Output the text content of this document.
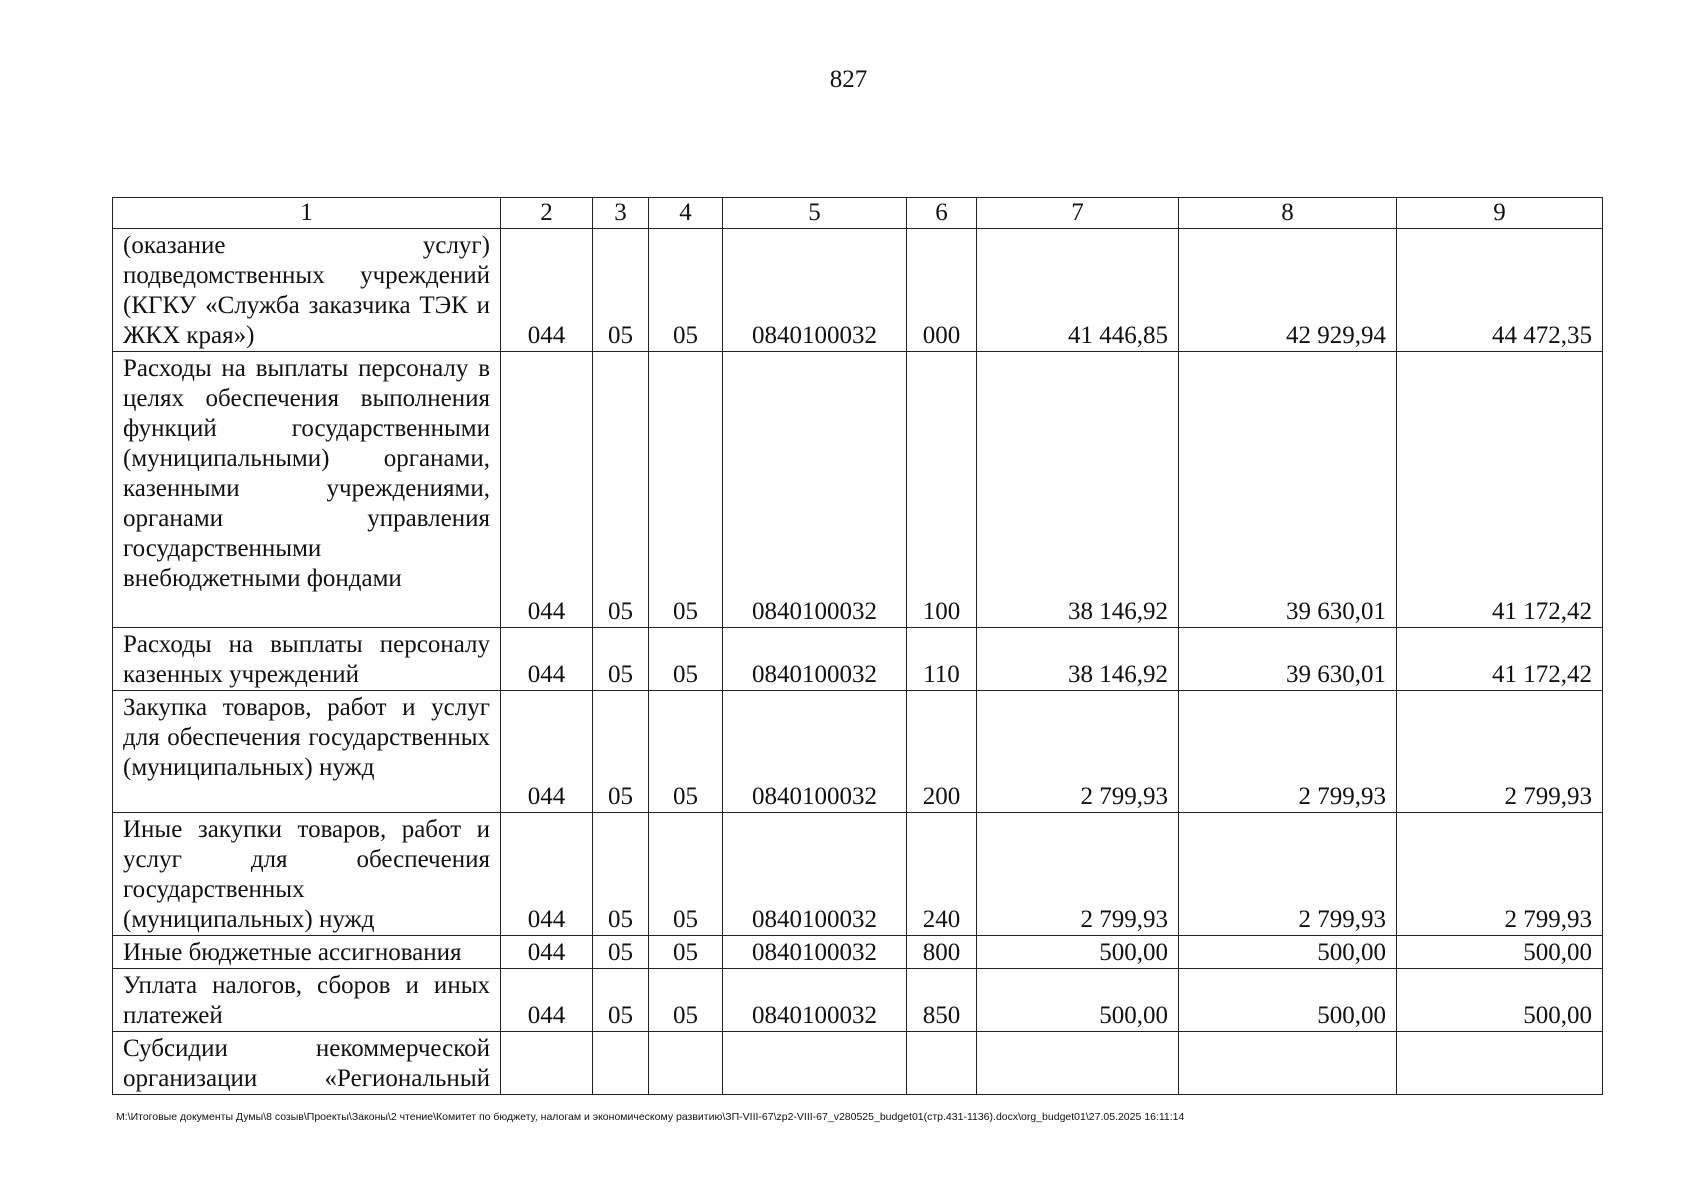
827
1	2	3	4	5	6	7	8	9
(оказание услуг) подведомственных учреждений (КГКУ «Служба заказчика ТЭК и ЖКХ края»)	044	05	05	0840100032	000	41 446,85	42 929,94	44 472,35
Расходы на выплаты персоналу в целях обеспечения выполнения функций государственными (муниципальными) органами, казенными учреждениями, органами управления государственными внебюджетными фондами	044	05	05	0840100032	100	38 146,92	39 630,01	41 172,42
Расходы на выплаты персоналу казенных учреждений	044	05	05	0840100032	110	38 146,92	39 630,01	41 172,42
Закупка товаров, работ и услуг для обеспечения государственных (муниципальных) нужд	044	05	05	0840100032	200	2 799,93	2 799,93	2 799,93
Иные закупки товаров, работ и услуг для обеспечения государственных (муниципальных) нужд	044	05	05	0840100032	240	2 799,93	2 799,93	2 799,93
Иные бюджетные ассигнования	044	05	05	0840100032	800	500,00	500,00	500,00
Уплата налогов, сборов и иных платежей	044	05	05	0840100032	850	500,00	500,00	500,00
Субсидии некоммерческой организации «Региональный								
M:\Итоговые документы Думы\8 созыв\Проекты\Законы\2 чтение\Комитет по бюджету, налогам и экономическому развитию\ЗП-VIII-67\zp2-VIII-67_v280525_budget01(стр.431-1136).docx\org_budget01\27.05.2025 16:11:14
